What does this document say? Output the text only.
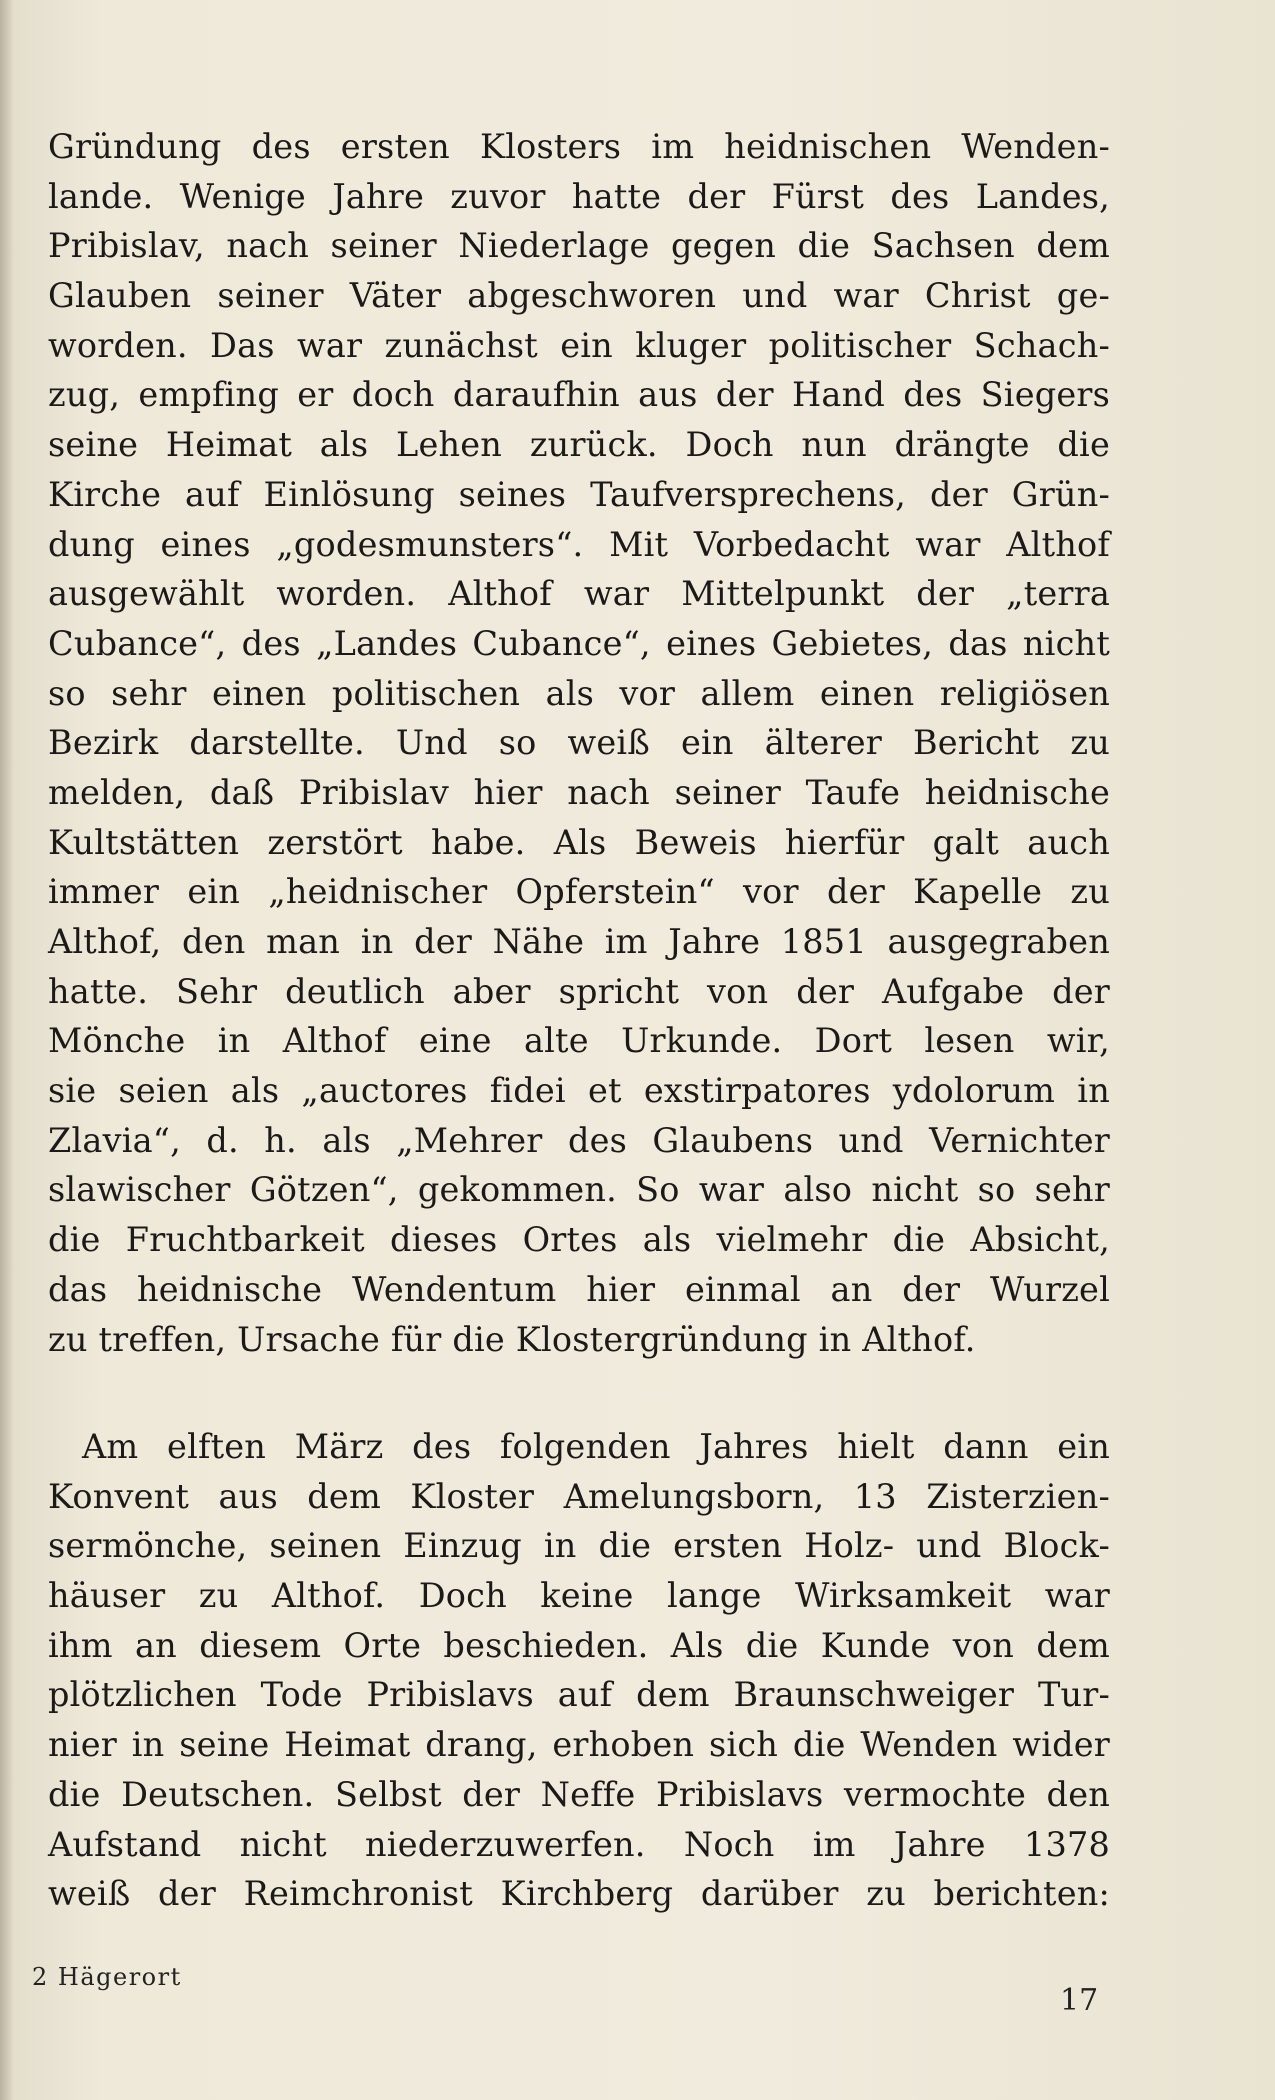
Gründung des ersten Klosters im heidnischen Wenden-
lande. Wenige Jahre zuvor hatte der Fürst des Landes,
Pribislav, nach seiner Niederlage gegen die Sachsen dem
Glauben seiner Väter abgeschworen und war Christ ge-
worden. Das war zunächst ein kluger politischer Schach-
zug, empfing er doch daraufhin aus der Hand des Siegers
seine Heimat als Lehen zurück. Doch nun drängte die
Kirche auf Einlösung seines Taufversprechens, der Grün-
dung eines „godesmunsters“. Mit Vorbedacht war Althof
ausgewählt worden. Althof war Mittelpunkt der „terra
Cubance“, des „Landes Cubance“, eines Gebietes, das nicht
so sehr einen politischen als vor allem einen religiösen
Bezirk darstellte. Und so weiß ein älterer Bericht zu
melden, daß Pribislav hier nach seiner Taufe heidnische
Kultstätten zerstört habe. Als Beweis hierfür galt auch
immer ein „heidnischer Opferstein“ vor der Kapelle zu
Althof, den man in der Nähe im Jahre 1851 ausgegraben
hatte. Sehr deutlich aber spricht von der Aufgabe der
Mönche in Althof eine alte Urkunde. Dort lesen wir,
sie seien als „auctores fidei et exstirpatores ydolorum in
Zlavia“, d. h. als „Mehrer des Glaubens und Vernichter
slawischer Götzen“, gekommen. So war also nicht so sehr
die Fruchtbarkeit dieses Ortes als vielmehr die Absicht,
das heidnische Wendentum hier einmal an der Wurzel
zu treffen, Ursache für die Klostergründung in Althof.
Am elften März des folgenden Jahres hielt dann ein
Konvent aus dem Kloster Amelungsborn, 13 Zisterzien-
sermönche, seinen Einzug in die ersten Holz- und Block-
häuser zu Althof. Doch keine lange Wirksamkeit war
ihm an diesem Orte beschieden. Als die Kunde von dem
plötzlichen Tode Pribislavs auf dem Braunschweiger Tur-
nier in seine Heimat drang, erhoben sich die Wenden wider
die Deutschen. Selbst der Neffe Pribislavs vermochte den
Aufstand nicht niederzuwerfen. Noch im Jahre 1378
weiß der Reimchronist Kirchberg darüber zu berichten:
2 Hägerort
17
